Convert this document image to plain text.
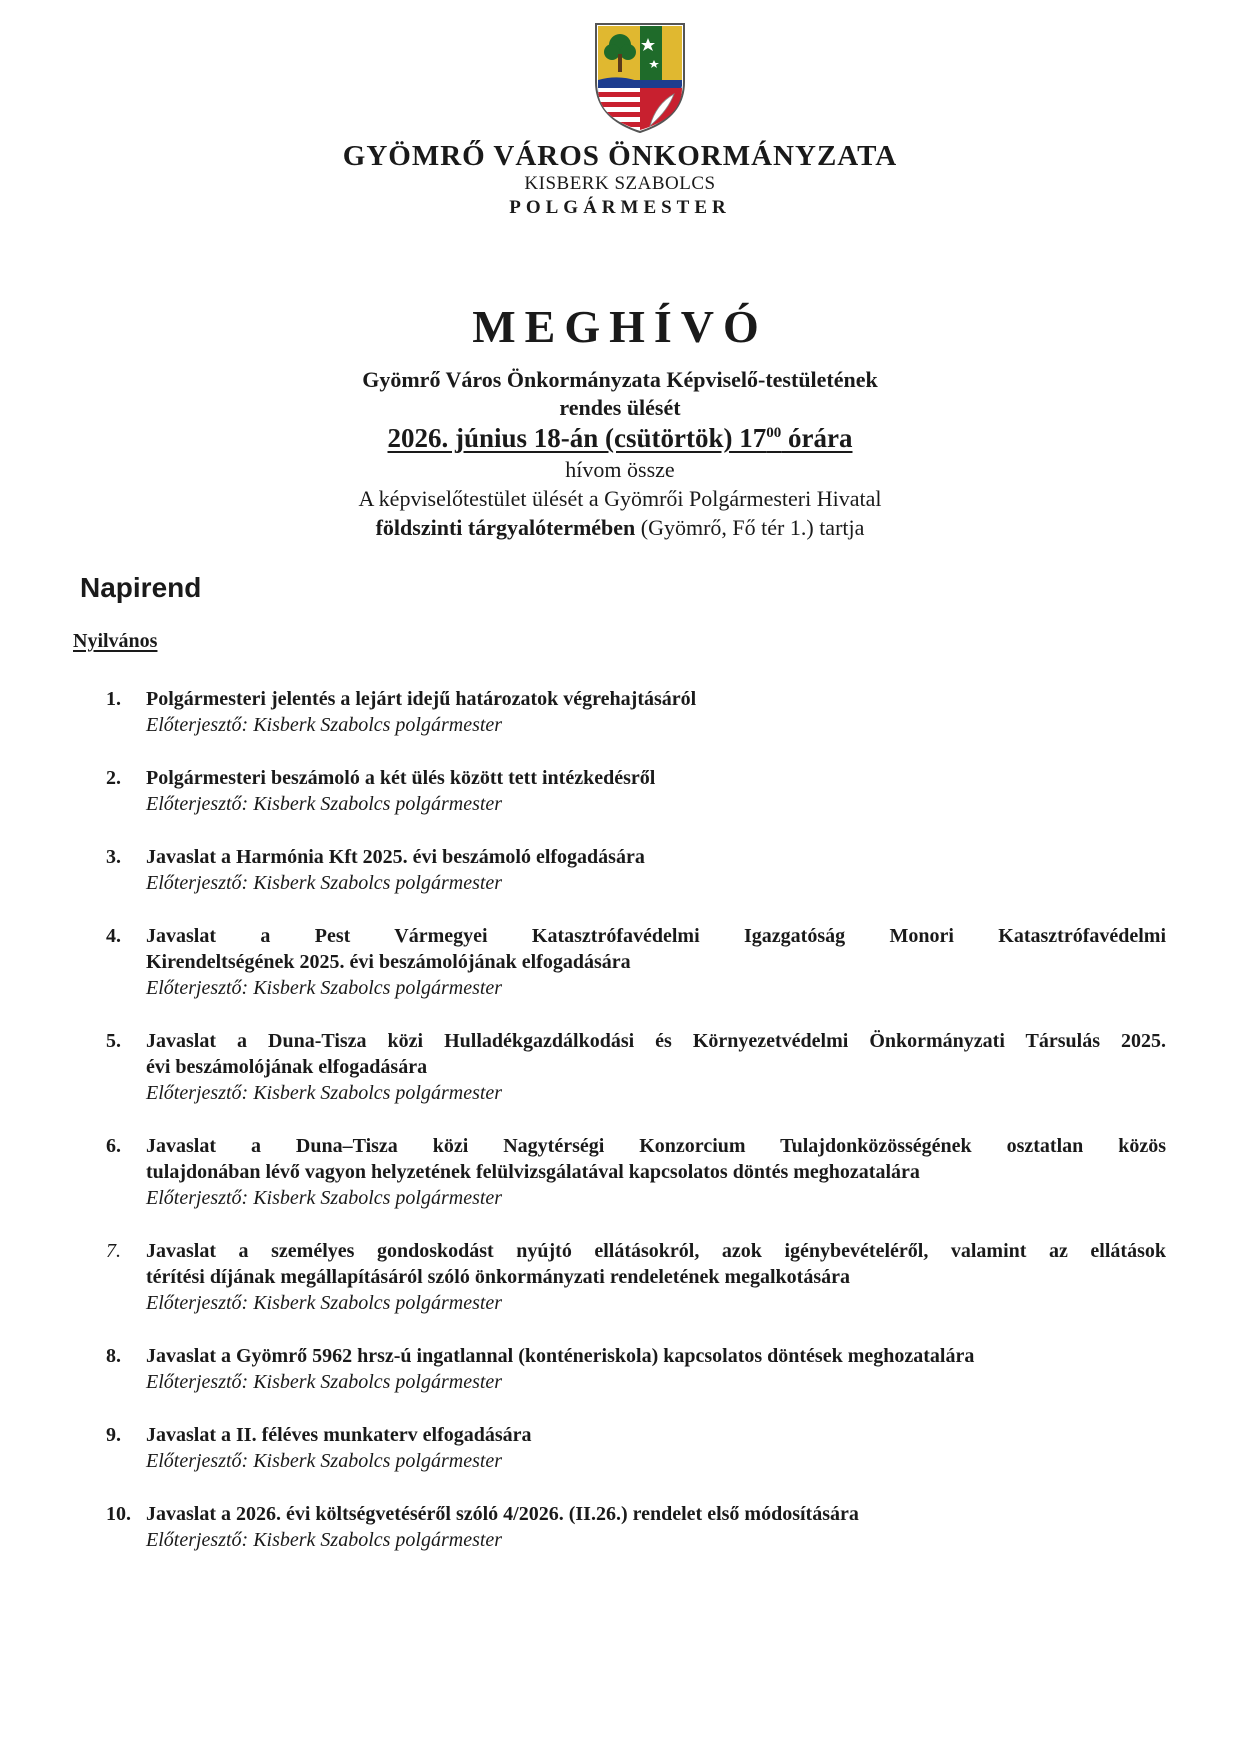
GYÖMRŐ VÁROS ÖNKORMÁNYZATA
KISBERK SZABOLCS
POLGÁRMESTER
MEGHÍVÓ
Gyömrő Város Önkormányzata Képviselő-testületének
rendes ülését
2026. június 18-án (csütörtök) $17^{00}$ órára
hívom össze
A képviselőtestület ülését a Gyömrői Polgármesteri Hivatal
földszinti tárgyalótermében (Gyömrő, Fő tér 1.) tartja
Napirend
Nyilvános
1.	Polgármesteri jelentés a lejárt idejű határozatok végrehajtásáról
Előterjesztő: Kisberk Szabolcs polgármester
2.	Polgármesteri beszámoló a két ülés között tett intézkedésről
Előterjesztő: Kisberk Szabolcs polgármester
3.	Javaslat a Harmónia Kft 2025. évi beszámoló elfogadására
Előterjesztő: Kisberk Szabolcs polgármester
4.	Javaslat a Pest Vármegyei Katasztrófavédelmi Igazgatóság Monori Katasztrófavédelmi
Kirendeltségének 2025. évi beszámolójának elfogadására
Előterjesztő: Kisberk Szabolcs polgármester
5.	Javaslat a Duna-Tisza közi Hulladékgazdálkodási és Környezetvédelmi Önkormányzati Társulás 2025.
évi beszámolójának elfogadására
Előterjesztő: Kisberk Szabolcs polgármester
6.	Javaslat a Duna–Tisza közi Nagytérségi Konzorcium Tulajdonközösségének osztatlan közös
tulajdonában lévő vagyon helyzetének felülvizsgálatával kapcsolatos döntés meghozatalára
Előterjesztő: Kisberk Szabolcs polgármester
7.	Javaslat a személyes gondoskodást nyújtó ellátásokról, azok igénybevételéről, valamint az ellátások
térítési díjának megállapításáról szóló önkormányzati rendeletének megalkotására
Előterjesztő: Kisberk Szabolcs polgármester
8.	Javaslat a Gyömrő 5962 hrsz-ú ingatlannal (konténeriskola) kapcsolatos döntések meghozatalára
Előterjesztő: Kisberk Szabolcs polgármester
9.	Javaslat a II. féléves munkaterv elfogadására
Előterjesztő: Kisberk Szabolcs polgármester
10. Javaslat a 2026. évi költségvetéséről szóló 4/2026. (II.26.) rendelet első módosítására
Előterjesztő: Kisberk Szabolcs polgármester
